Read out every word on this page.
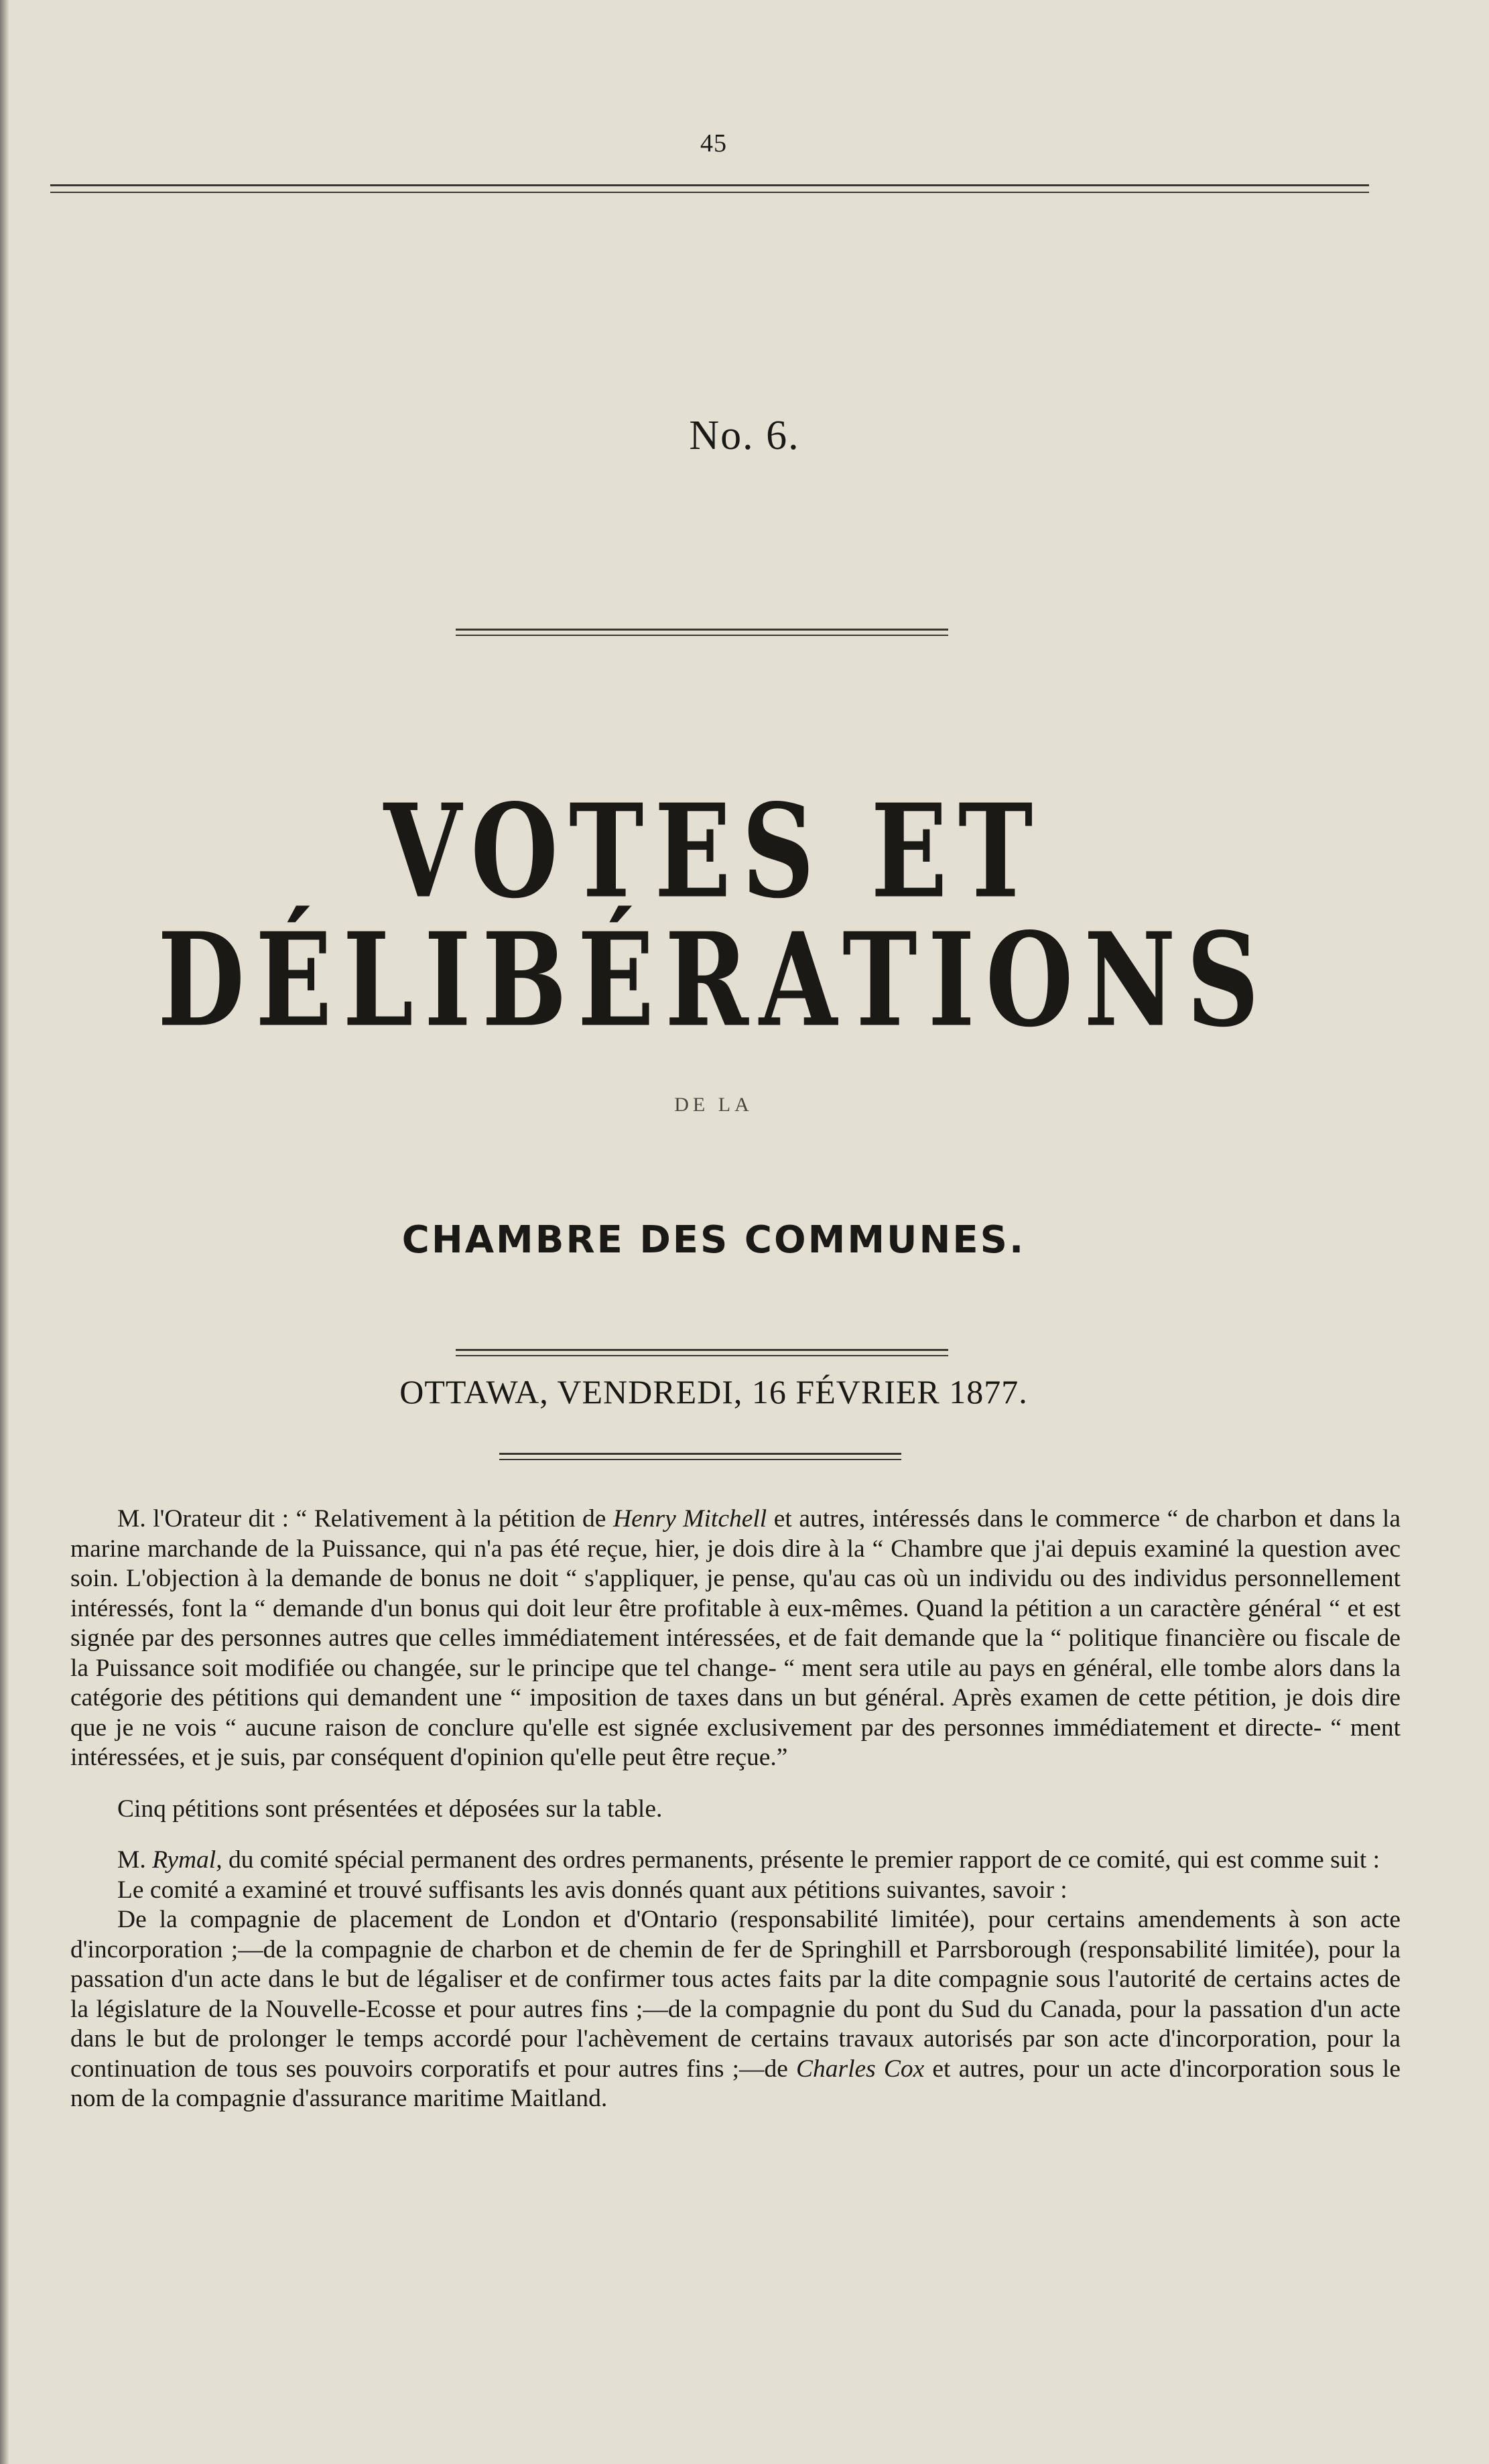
45
No. 6.
VOTES ET DÉLIBÉRATIONS
DE LA
CHAMBRE DES COMMUNES.
OTTAWA, VENDREDI, 16 FÉVRIER 1877.

M. l'Orateur dit : “ Relativement à la pétition de Henry Mitchell et autres, intéressés dans le commerce “ de charbon et dans la marine marchande de la Puissance, qui n'a pas été reçue, hier, je dois dire à la “ Chambre que j'ai depuis examiné la question avec soin. L'objection à la demande de bonus ne doit “ s'appliquer, je pense, qu'au cas où un individu ou des individus personnellement intéressés, font la “ demande d'un bonus qui doit leur être profitable à eux-mêmes. Quand la pétition a un caractère général “ et est signée par des personnes autres que celles immédiatement intéressées, et de fait demande que la “ politique financière ou fiscale de la Puissance soit modifiée ou changée, sur le principe que tel change- “ ment sera utile au pays en général, elle tombe alors dans la catégorie des pétitions qui demandent une “ imposition de taxes dans un but général. Après examen de cette pétition, je dois dire que je ne vois “ aucune raison de conclure qu'elle est signée exclusivement par des personnes immédiatement et directe- “ ment intéressées, et je suis, par conséquent d'opinion qu'elle peut être reçue.”

Cinq pétitions sont présentées et déposées sur la table.

M. Rymal, du comité spécial permanent des ordres permanents, présente le premier rapport de ce comité, qui est comme suit :

Le comité a examiné et trouvé suffisants les avis donnés quant aux pétitions suivantes, savoir :

De la compagnie de placement de London et d'Ontario (responsabilité limitée), pour certains amendements à son acte d'incorporation ;—de la compagnie de charbon et de chemin de fer de Springhill et Parrsborough (responsabilité limitée), pour la passation d'un acte dans le but de légaliser et de confirmer tous actes faits par la dite compagnie sous l'autorité de certains actes de la législature de la Nouvelle-Ecosse et pour autres fins ;—de la compagnie du pont du Sud du Canada, pour la passation d'un acte dans le but de prolonger le temps accordé pour l'achèvement de certains travaux autorisés par son acte d'incorporation, pour la continuation de tous ses pouvoirs corporatifs et pour autres fins ;—de Charles Cox et autres, pour un acte d'incorporation sous le nom de la compagnie d'assurance maritime Maitland.
